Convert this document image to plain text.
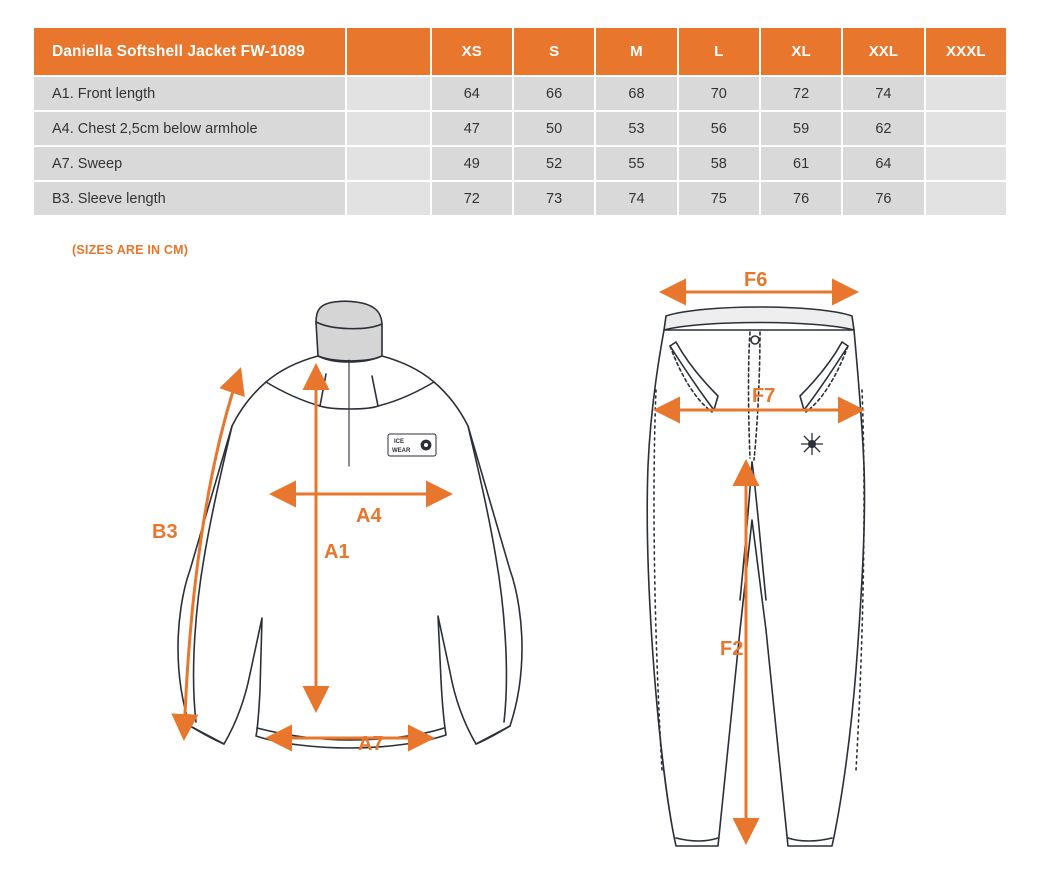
Daniella Softshell Jacket FW-1089		XS	S	M	L	XL	XXL	XXXL
A1. Front length		64	66	68	70	72	74	
A4. Chest 2,5cm below armhole		47	50	53	56	59	62	
A7. Sweep		49	52	55	58	61	64	
B3. Sleeve length		72	73	74	75	76	76	
(SIZES ARE IN CM)
ICE
WEAR
B3
A4
A1
A7
F6
F7
F2
